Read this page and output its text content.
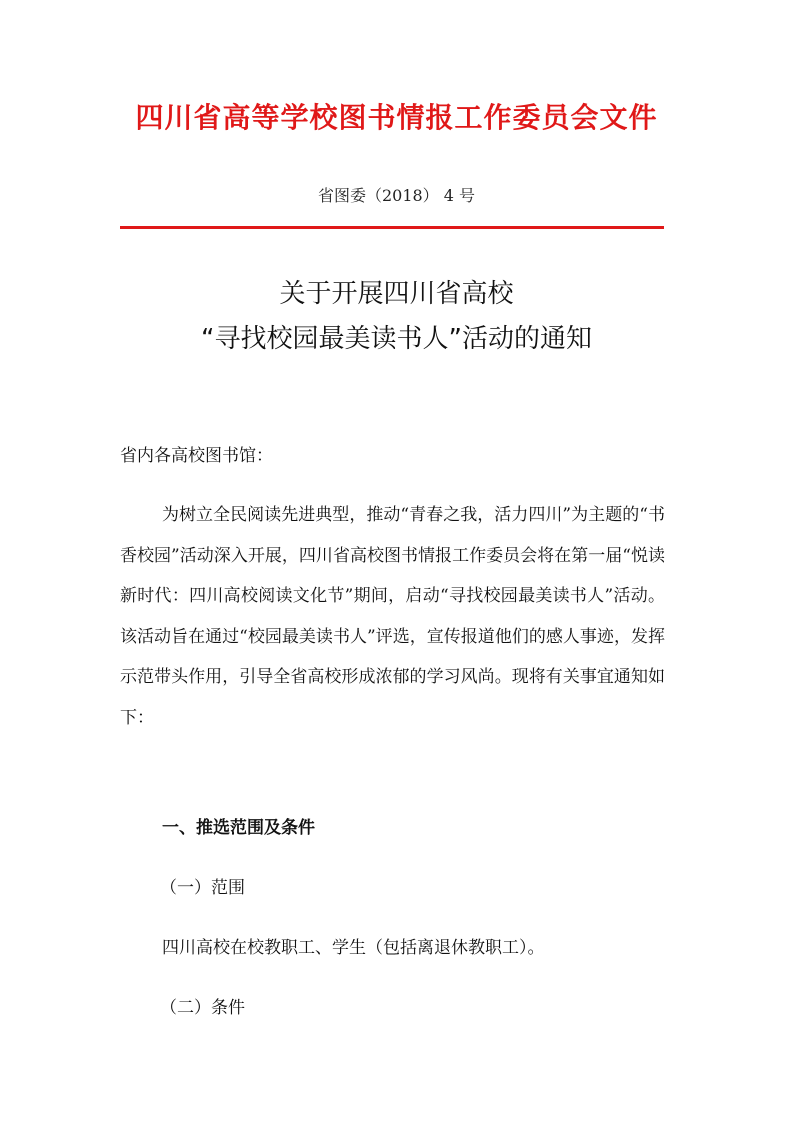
四川省高等学校图书情报工作委员会文件
省图委（2018） 4 号
关于开展四川省高校
“寻找校园最美读书人”活动的通知
省内各高校图书馆：

为树立全民阅读先进典型，推动“青春之我，活力四川”为主题的“书香校园”活动深入开展，四川省高校图书情报工作委员会将在第一届“悦读新时代：四川高校阅读文化节”期间，启动“寻找校园最美读书人”活动。该活动旨在通过“校园最美读书人”评选，宣传报道他们的感人事迹，发挥示范带头作用，引导全省高校形成浓郁的学习风尚。现将有关事宜通知如下：

一、推选范围及条件
（一）范围
四川高校在校教职工、学生（包括离退休教职工）。
（二）条件
